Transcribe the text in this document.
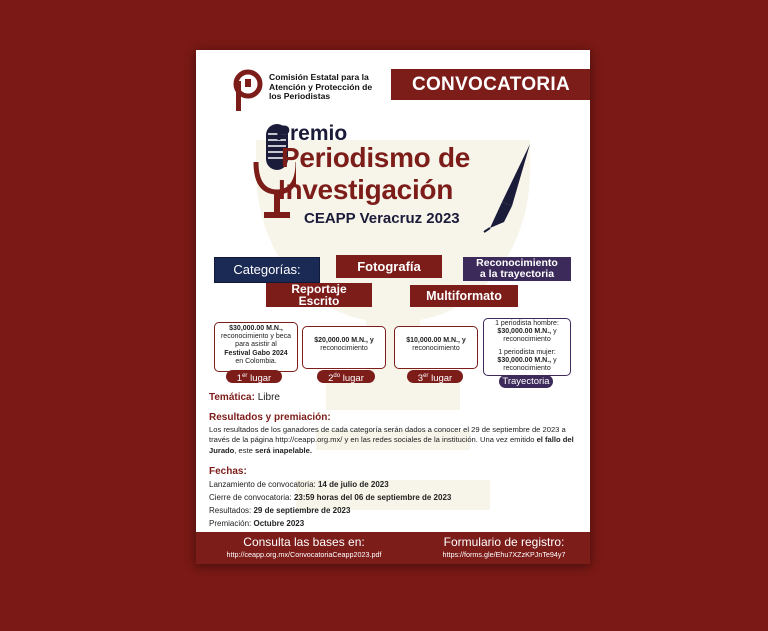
Comisión Estatal para la
Atención y Protección de
los Periodistas
CONVOCATORIA
Premio
Periodismo de
Investigación
CEAPP Veracruz 2023
Categorías:	Fotografía	Reconocimiento
a la trayectoria
Reportaje
Escrito	Multiformato
$30,000.00 M.N.,
reconocimiento y beca
para asistir al
Festival Gabo 2024
en Colombia.
1er lugar
$20,000.00 M.N., y
reconocimiento
$2^{do}$ lugar
$10,000.00 M.N., y
reconocimiento
3er lugar
1 periodista hombre:
$30,000.00 M.N., y
reconocimiento
1 periodista mujer:
$30,000.00 M.N., y
reconocimiento
Trayectoria
Temática: Libre
Resultados y premiación:
Los resultados de los ganadores de cada categoría serán dados a conocer el 29 de septiembre de 2023 a través de la página http://ceapp.org.mx/ y en las redes sociales de la institución. Una vez emitido el fallo del Jurado, este será inapelable.
Fechas:
Lanzamiento de convocatoria: 14 de julio de 2023
Cierre de convocatoria: 23:59 horas del 06 de septiembre de 2023
Resultados: 29 de septiembre de 2023
Premiación: Octubre 2023
Consulta las bases en:
http://ceapp.org.mx/ConvocatoriaCeapp2023.pdf
Formulario de registro:
https://forms.gle/Ehu7XZzKPJnTe94y7
